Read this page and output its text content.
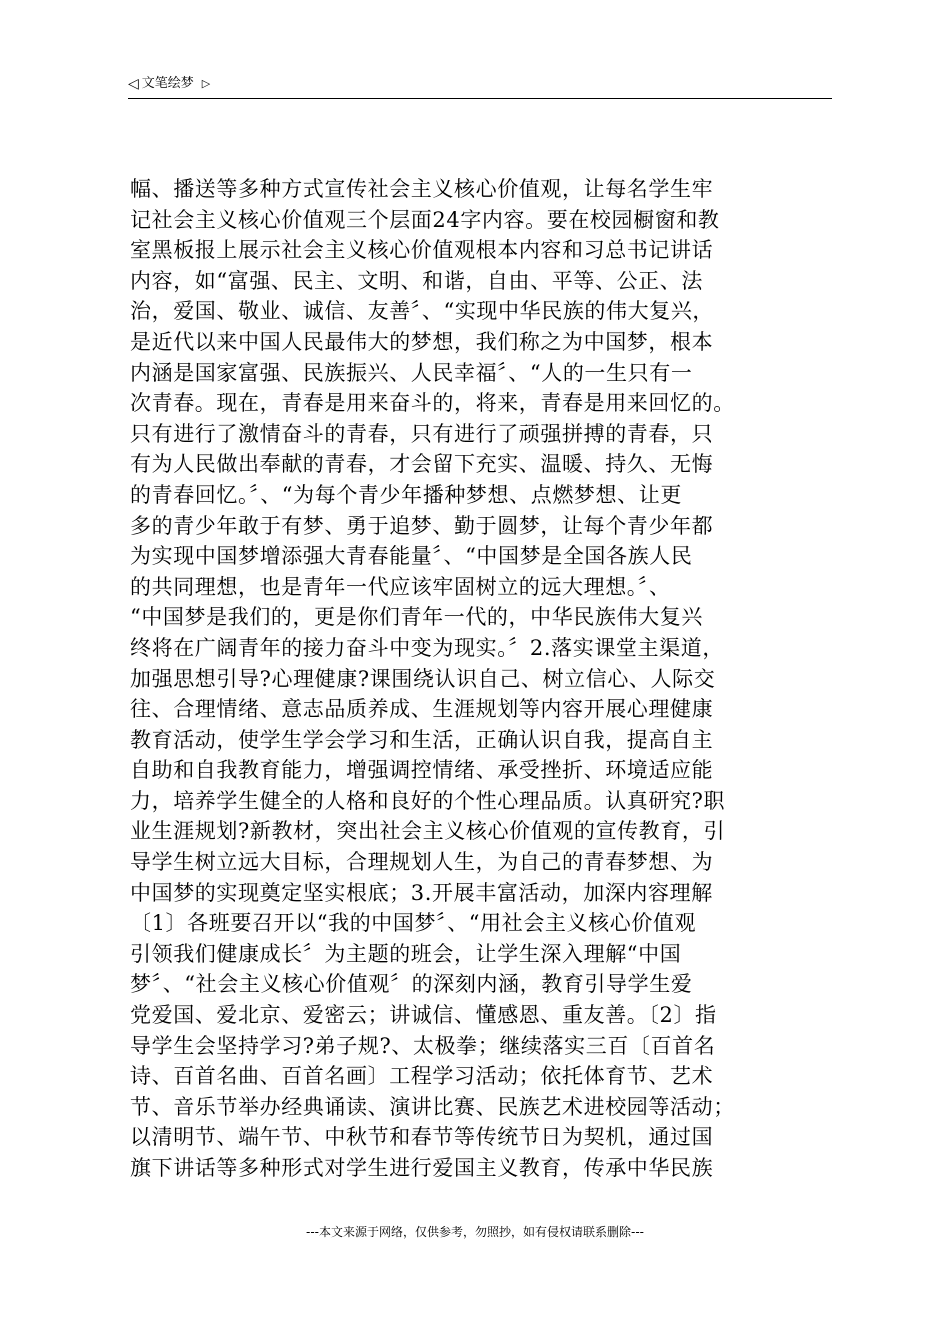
◁ 文笔绘梦 ▷
幅、播送等多种方式宣传社会主义核心价值观，让每名学生牢
记社会主义核心价值观三个层面24字内容。要在校园橱窗和教
室黑板报上展示社会主义核心价值观根本内容和习总书记讲话
内容，如“富强、民主、文明、和谐，自由、平等、公正、法
治，爱国、敬业、诚信、友善〞、“实现中华民族的伟大复兴，
是近代以来中国人民最伟大的梦想，我们称之为中国梦，根本
内涵是国家富强、民族振兴、人民幸福〞、“人的一生只有一
次青春。现在，青春是用来奋斗的，将来，青春是用来回忆的。
只有进行了激情奋斗的青春，只有进行了顽强拼搏的青春，只
有为人民做出奉献的青春，才会留下充实、温暖、持久、无悔
的青春回忆。〞、“为每个青少年播种梦想、点燃梦想、让更
多的青少年敢于有梦、勇于追梦、勤于圆梦，让每个青少年都
为实现中国梦增添强大青春能量〞、“中国梦是全国各族人民
的共同理想，也是青年一代应该牢固树立的远大理想。〞、
“中国梦是我们的，更是你们青年一代的，中华民族伟大复兴
终将在广阔青年的接力奋斗中变为现实。〞2.落实课堂主渠道，
加强思想引导?心理健康?课围绕认识自己、树立信心、人际交
往、合理情绪、意志品质养成、生涯规划等内容开展心理健康
教育活动，使学生学会学习和生活，正确认识自我，提高自主
自助和自我教育能力，增强调控情绪、承受挫折、环境适应能
力，培养学生健全的人格和良好的个性心理品质。认真研究?职
业生涯规划?新教材，突出社会主义核心价值观的宣传教育，引
导学生树立远大目标，合理规划人生，为自己的青春梦想、为
中国梦的实现奠定坚实根底；3.开展丰富活动，加深内容理解
〔1〕各班要召开以“我的中国梦〞、“用社会主义核心价值观
引领我们健康成长〞为主题的班会，让学生深入理解“中国
梦〞、“社会主义核心价值观〞的深刻内涵，教育引导学生爱
党爱国、爱北京、爱密云；讲诚信、懂感恩、重友善。〔2〕指
导学生会坚持学习?弟子规?、太极拳；继续落实三百〔百首名
诗、百首名曲、百首名画〕工程学习活动；依托体育节、艺术
节、音乐节举办经典诵读、演讲比赛、民族艺术进校园等活动；
以清明节、端午节、中秋节和春节等传统节日为契机，通过国
旗下讲话等多种形式对学生进行爱国主义教育，传承中华民族
---本文来源于网络，仅供参考，勿照抄，如有侵权请联系删除---
